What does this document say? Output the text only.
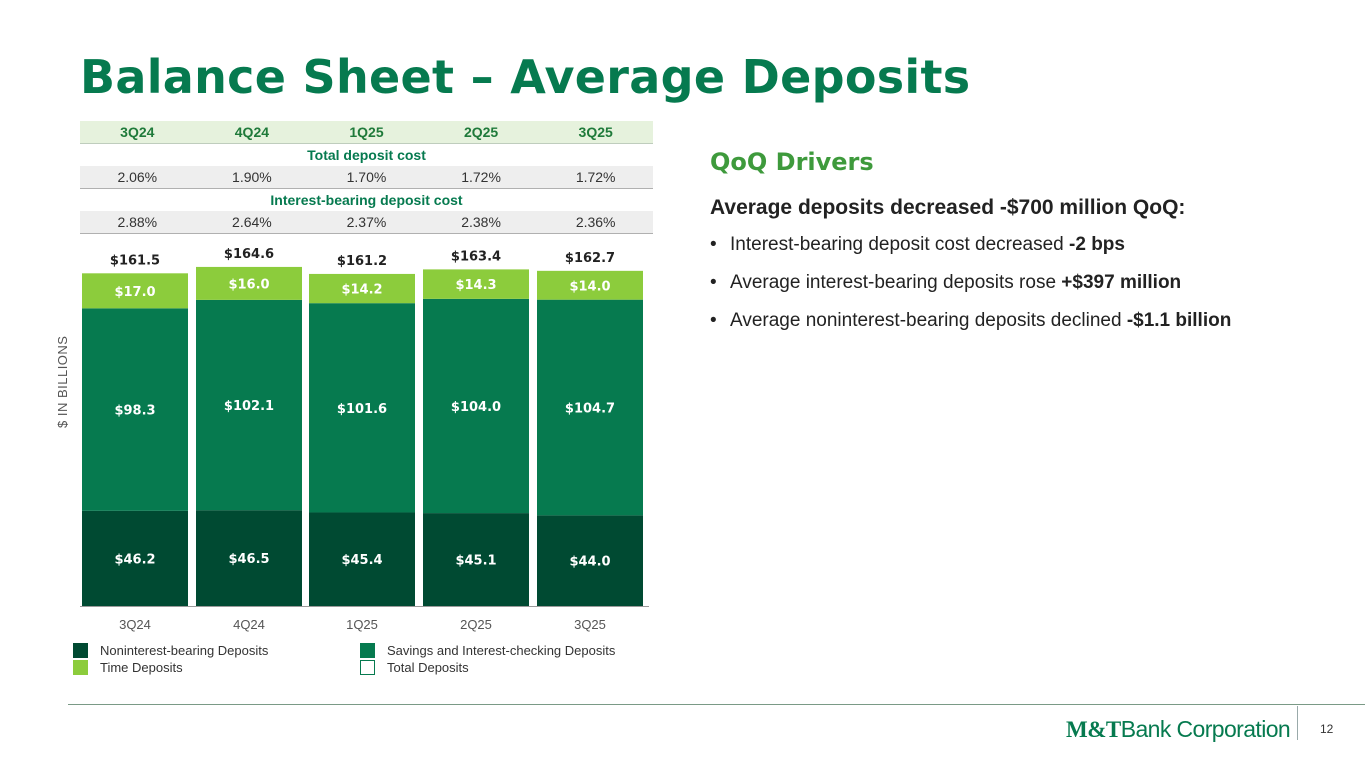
Balance Sheet – Average Deposits
3Q24	4Q24	1Q25	2Q25	3Q25
Total deposit cost
2.06%	1.90%	1.70%	1.72%	1.72%
Interest-bearing deposit cost
2.88%	2.64%	2.37%	2.38%	2.36%
$ IN BILLIONS
$46.2
$98.3
$17.0
$161.5
3Q24
$46.5
$102.1
$16.0
$164.6
4Q24
$45.4
$101.6
$14.2
$161.2
1Q25
$45.1
$104.0
$14.3
$163.4
2Q25
$44.0
$104.7
$14.0
$162.7
3Q25
Noninterest-bearing Deposits	Savings and Interest-checking Deposits
Time Deposits	Total Deposits
QoQ Drivers
Average deposits decreased -$700 million QoQ:
• Interest-bearing deposit cost decreased -2 bps
• Average interest-bearing deposits rose +$397 million
• Average noninterest-bearing deposits declined -$1.1 billion
M&TBank Corporation 12
